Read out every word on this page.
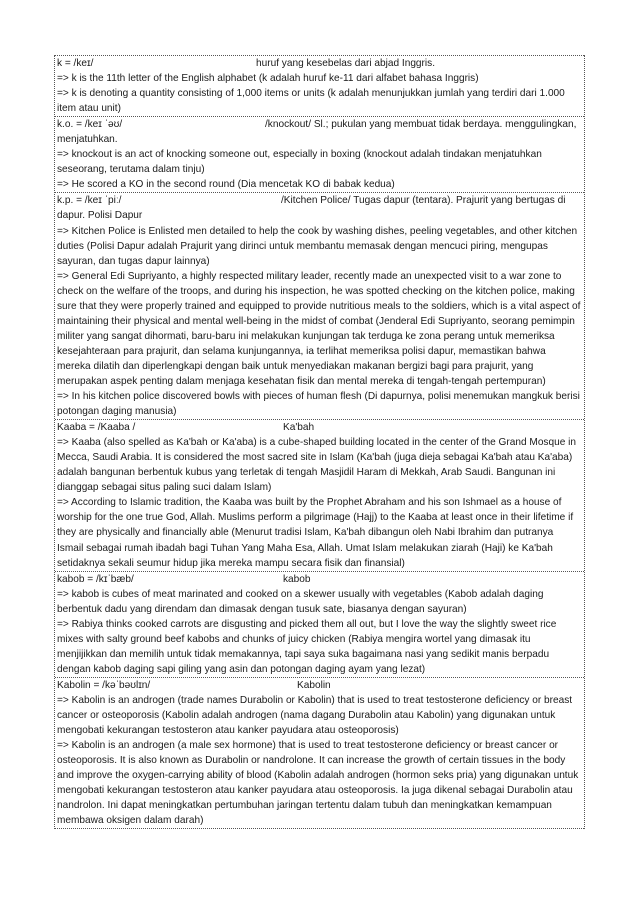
k = /keɪ/	huruf yang kesebelas dari abjad Inggris.
=> k is the 11th letter of the English alphabet (k adalah huruf ke-11 dari alfabet bahasa Inggris)
=> k is denoting a quantity consisting of 1,000 items or units (k adalah menunjukkan jumlah yang terdiri dari 1.000 item atau unit)
k.o. = /keɪ ˈəʊ/	/knockout/ Sl.; pukulan yang membuat tidak berdaya. menggulingkan, menjatuhkan.
=> knockout is an act of knocking someone out, especially in boxing (knockout adalah tindakan menjatuhkan seseorang, terutama dalam tinju)
=> He scored a KO in the second round (Dia mencetak KO di babak kedua)
k.p. = /keɪ ˈpiː/	/Kitchen Police/ Tugas dapur (tentara). Prajurit yang bertugas di dapur. Polisi Dapur
=> Kitchen Police is Enlisted men detailed to help the cook by washing dishes, peeling vegetables, and other kitchen duties (Polisi Dapur adalah Prajurit yang dirinci untuk membantu memasak dengan mencuci piring, mengupas sayuran, dan tugas dapur lainnya)
=> General Edi Supriyanto, a highly respected military leader, recently made an unexpected visit to a war zone to check on the welfare of the troops, and during his inspection, he was spotted checking on the kitchen police, making sure that they were properly trained and equipped to provide nutritious meals to the soldiers, which is a vital aspect of maintaining their physical and mental well-being in the midst of combat (Jenderal Edi Supriyanto, seorang pemimpin militer yang sangat dihormati, baru-baru ini melakukan kunjungan tak terduga ke zona perang untuk memeriksa kesejahteraan para prajurit, dan selama kunjungannya, ia terlihat memeriksa polisi dapur, memastikan bahwa mereka dilatih dan diperlengkapi dengan baik untuk menyediakan makanan bergizi bagi para prajurit, yang merupakan aspek penting dalam menjaga kesehatan fisik dan mental mereka di tengah-tengah pertempuran)
=> In his kitchen police discovered bowls with pieces of human flesh (Di dapurnya, polisi menemukan mangkuk berisi potongan daging manusia)
Kaaba = /Kaaba /	Ka'bah
=> Kaaba (also spelled as Ka'bah or Ka'aba) is a cube-shaped building located in the center of the Grand Mosque in Mecca, Saudi Arabia. It is considered the most sacred site in Islam (Ka'bah (juga dieja sebagai Ka'bah atau Ka'aba) adalah bangunan berbentuk kubus yang terletak di tengah Masjidil Haram di Mekkah, Arab Saudi. Bangunan ini dianggap sebagai situs paling suci dalam Islam)
=> According to Islamic tradition, the Kaaba was built by the Prophet Abraham and his son Ishmael as a house of worship for the one true God, Allah. Muslims perform a pilgrimage (Hajj) to the Kaaba at least once in their lifetime if they are physically and financially able (Menurut tradisi Islam, Ka'bah dibangun oleh Nabi Ibrahim dan putranya Ismail sebagai rumah ibadah bagi Tuhan Yang Maha Esa, Allah. Umat Islam melakukan ziarah (Haji) ke Ka'bah setidaknya sekali seumur hidup jika mereka mampu secara fisik dan finansial)
kabob = /kɪˈbæb/	kabob
=> kabob is cubes of meat marinated and cooked on a skewer usually with vegetables (Kabob adalah daging berbentuk dadu yang direndam dan dimasak dengan tusuk sate, biasanya dengan sayuran)
=> Rabiya thinks cooked carrots are disgusting and picked them all out, but I love the way the slightly sweet rice mixes with salty ground beef kabobs and chunks of juicy chicken (Rabiya mengira wortel yang dimasak itu menjijikkan dan memilih untuk tidak memakannya, tapi saya suka bagaimana nasi yang sedikit manis berpadu dengan kabob daging sapi giling yang asin dan potongan daging ayam yang lezat)
Kabolin = /kəˈbəʊlɪn/	Kabolin
=> Kabolin is an androgen (trade names Durabolin or Kabolin) that is used to treat testosterone deficiency or breast cancer or osteoporosis (Kabolin adalah androgen (nama dagang Durabolin atau Kabolin) yang digunakan untuk mengobati kekurangan testosteron atau kanker payudara atau osteoporosis)
=> Kabolin is an androgen (a male sex hormone) that is used to treat testosterone deficiency or breast cancer or osteoporosis. It is also known as Durabolin or nandrolone. It can increase the growth of certain tissues in the body and improve the oxygen-carrying ability of blood (Kabolin adalah androgen (hormon seks pria) yang digunakan untuk mengobati kekurangan testosteron atau kanker payudara atau osteoporosis. Ia juga dikenal sebagai Durabolin atau nandrolon. Ini dapat meningkatkan pertumbuhan jaringan tertentu dalam tubuh dan meningkatkan kemampuan membawa oksigen dalam darah)
